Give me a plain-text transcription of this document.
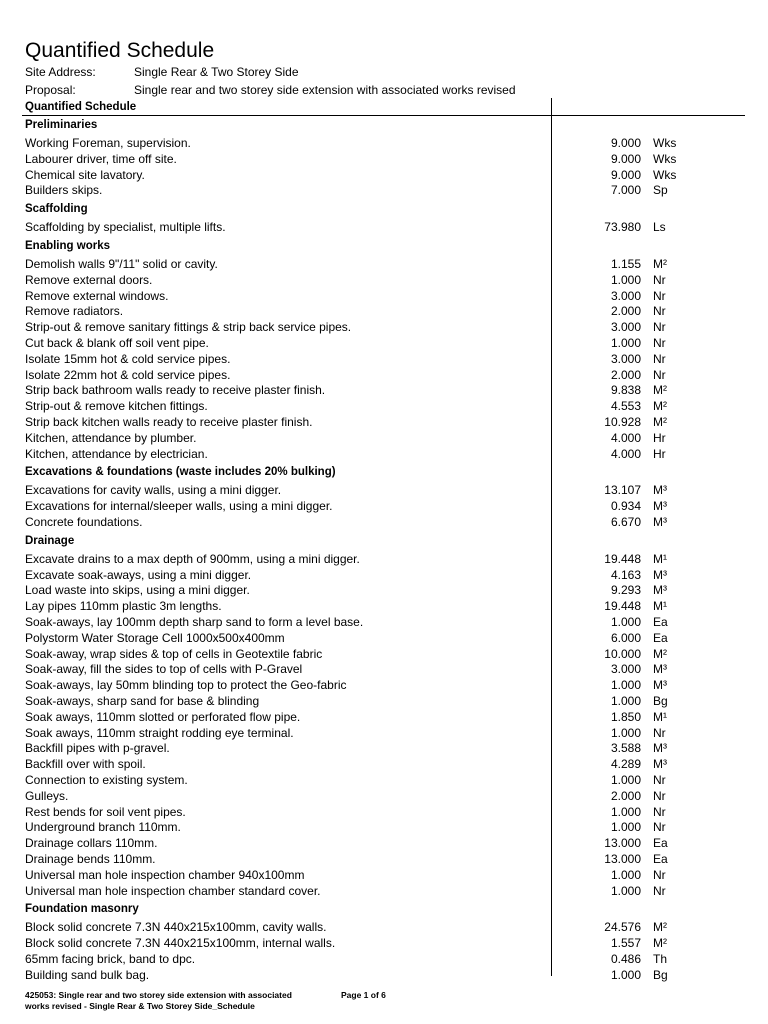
Quantified Schedule
Site Address:	Single Rear & Two Storey Side
Proposal:	Single rear and two storey side extension with associated works revised
Quantified Schedule
Preliminaries
Working Foreman, supervision.	9.000 Wks
Labourer driver, time off site.	9.000 Wks
Chemical site lavatory.	9.000 Wks
Builders skips.	7.000 Sp
Scaffolding
Scaffolding by specialist, multiple lifts.	73.980 Ls
Enabling works
Demolish walls 9"/11" solid or cavity.	1.155 M²
Remove external doors.	1.000 Nr
Remove external windows.	3.000 Nr
Remove radiators.	2.000 Nr
Strip-out & remove sanitary fittings & strip back service pipes.	3.000 Nr
Cut back & blank off soil vent pipe.	1.000 Nr
Isolate 15mm hot & cold service pipes.	3.000 Nr
Isolate 22mm hot & cold service pipes.	2.000 Nr
Strip back bathroom walls ready to receive plaster finish.	9.838 M²
Strip-out & remove kitchen fittings.	4.553 M²
Strip back kitchen walls ready to receive plaster finish.	10.928 M²
Kitchen, attendance by plumber.	4.000 Hr
Kitchen, attendance by electrician.	4.000 Hr
Excavations & foundations (waste includes 20% bulking)
Excavations for cavity walls, using a mini digger.	13.107 M³
Excavations for internal/sleeper walls, using a mini digger.	0.934 M³
Concrete foundations.	6.670 M³
Drainage
Excavate drains to a max depth of 900mm, using a mini digger.	19.448 M¹
Excavate soak-aways, using a mini digger.	4.163 M³
Load waste into skips, using a mini digger.	9.293 M³
Lay pipes 110mm plastic 3m lengths.	19.448 M¹
Soak-aways, lay 100mm depth sharp sand to form a level base.	1.000 Ea
Polystorm Water Storage Cell 1000x500x400mm	6.000 Ea
Soak-away, wrap sides & top of cells in Geotextile fabric	10.000 M²
Soak-away, fill the sides to top of cells with P-Gravel	3.000 M³
Soak-aways, lay 50mm blinding top to protect the Geo-fabric	1.000 M³
Soak-aways, sharp sand for base & blinding	1.000 Bg
Soak aways, 110mm slotted or perforated flow pipe.	1.850 M¹
Soak aways, 110mm straight rodding eye terminal.	1.000 Nr
Backfill pipes with p-gravel.	3.588 M³
Backfill over with spoil.	4.289 M³
Connection to existing system.	1.000 Nr
Gulleys.	2.000 Nr
Rest bends for soil vent pipes.	1.000 Nr
Underground branch 110mm.	1.000 Nr
Drainage collars 110mm.	13.000 Ea
Drainage bends 110mm.	13.000 Ea
Universal man hole inspection chamber 940x100mm	1.000 Nr
Universal man hole inspection chamber standard cover.	1.000 Nr
Foundation masonry
Block solid concrete 7.3N 440x215x100mm, cavity walls.	24.576 M²
Block solid concrete 7.3N 440x215x100mm, internal walls.	1.557 M²
65mm facing brick, band to dpc.	0.486 Th
Building sand bulk bag.	1.000 Bg
425053: Single rear and two storey side extension with associated	Page 1 of 6
works revised - Single Rear & Two Storey Side_Schedule
